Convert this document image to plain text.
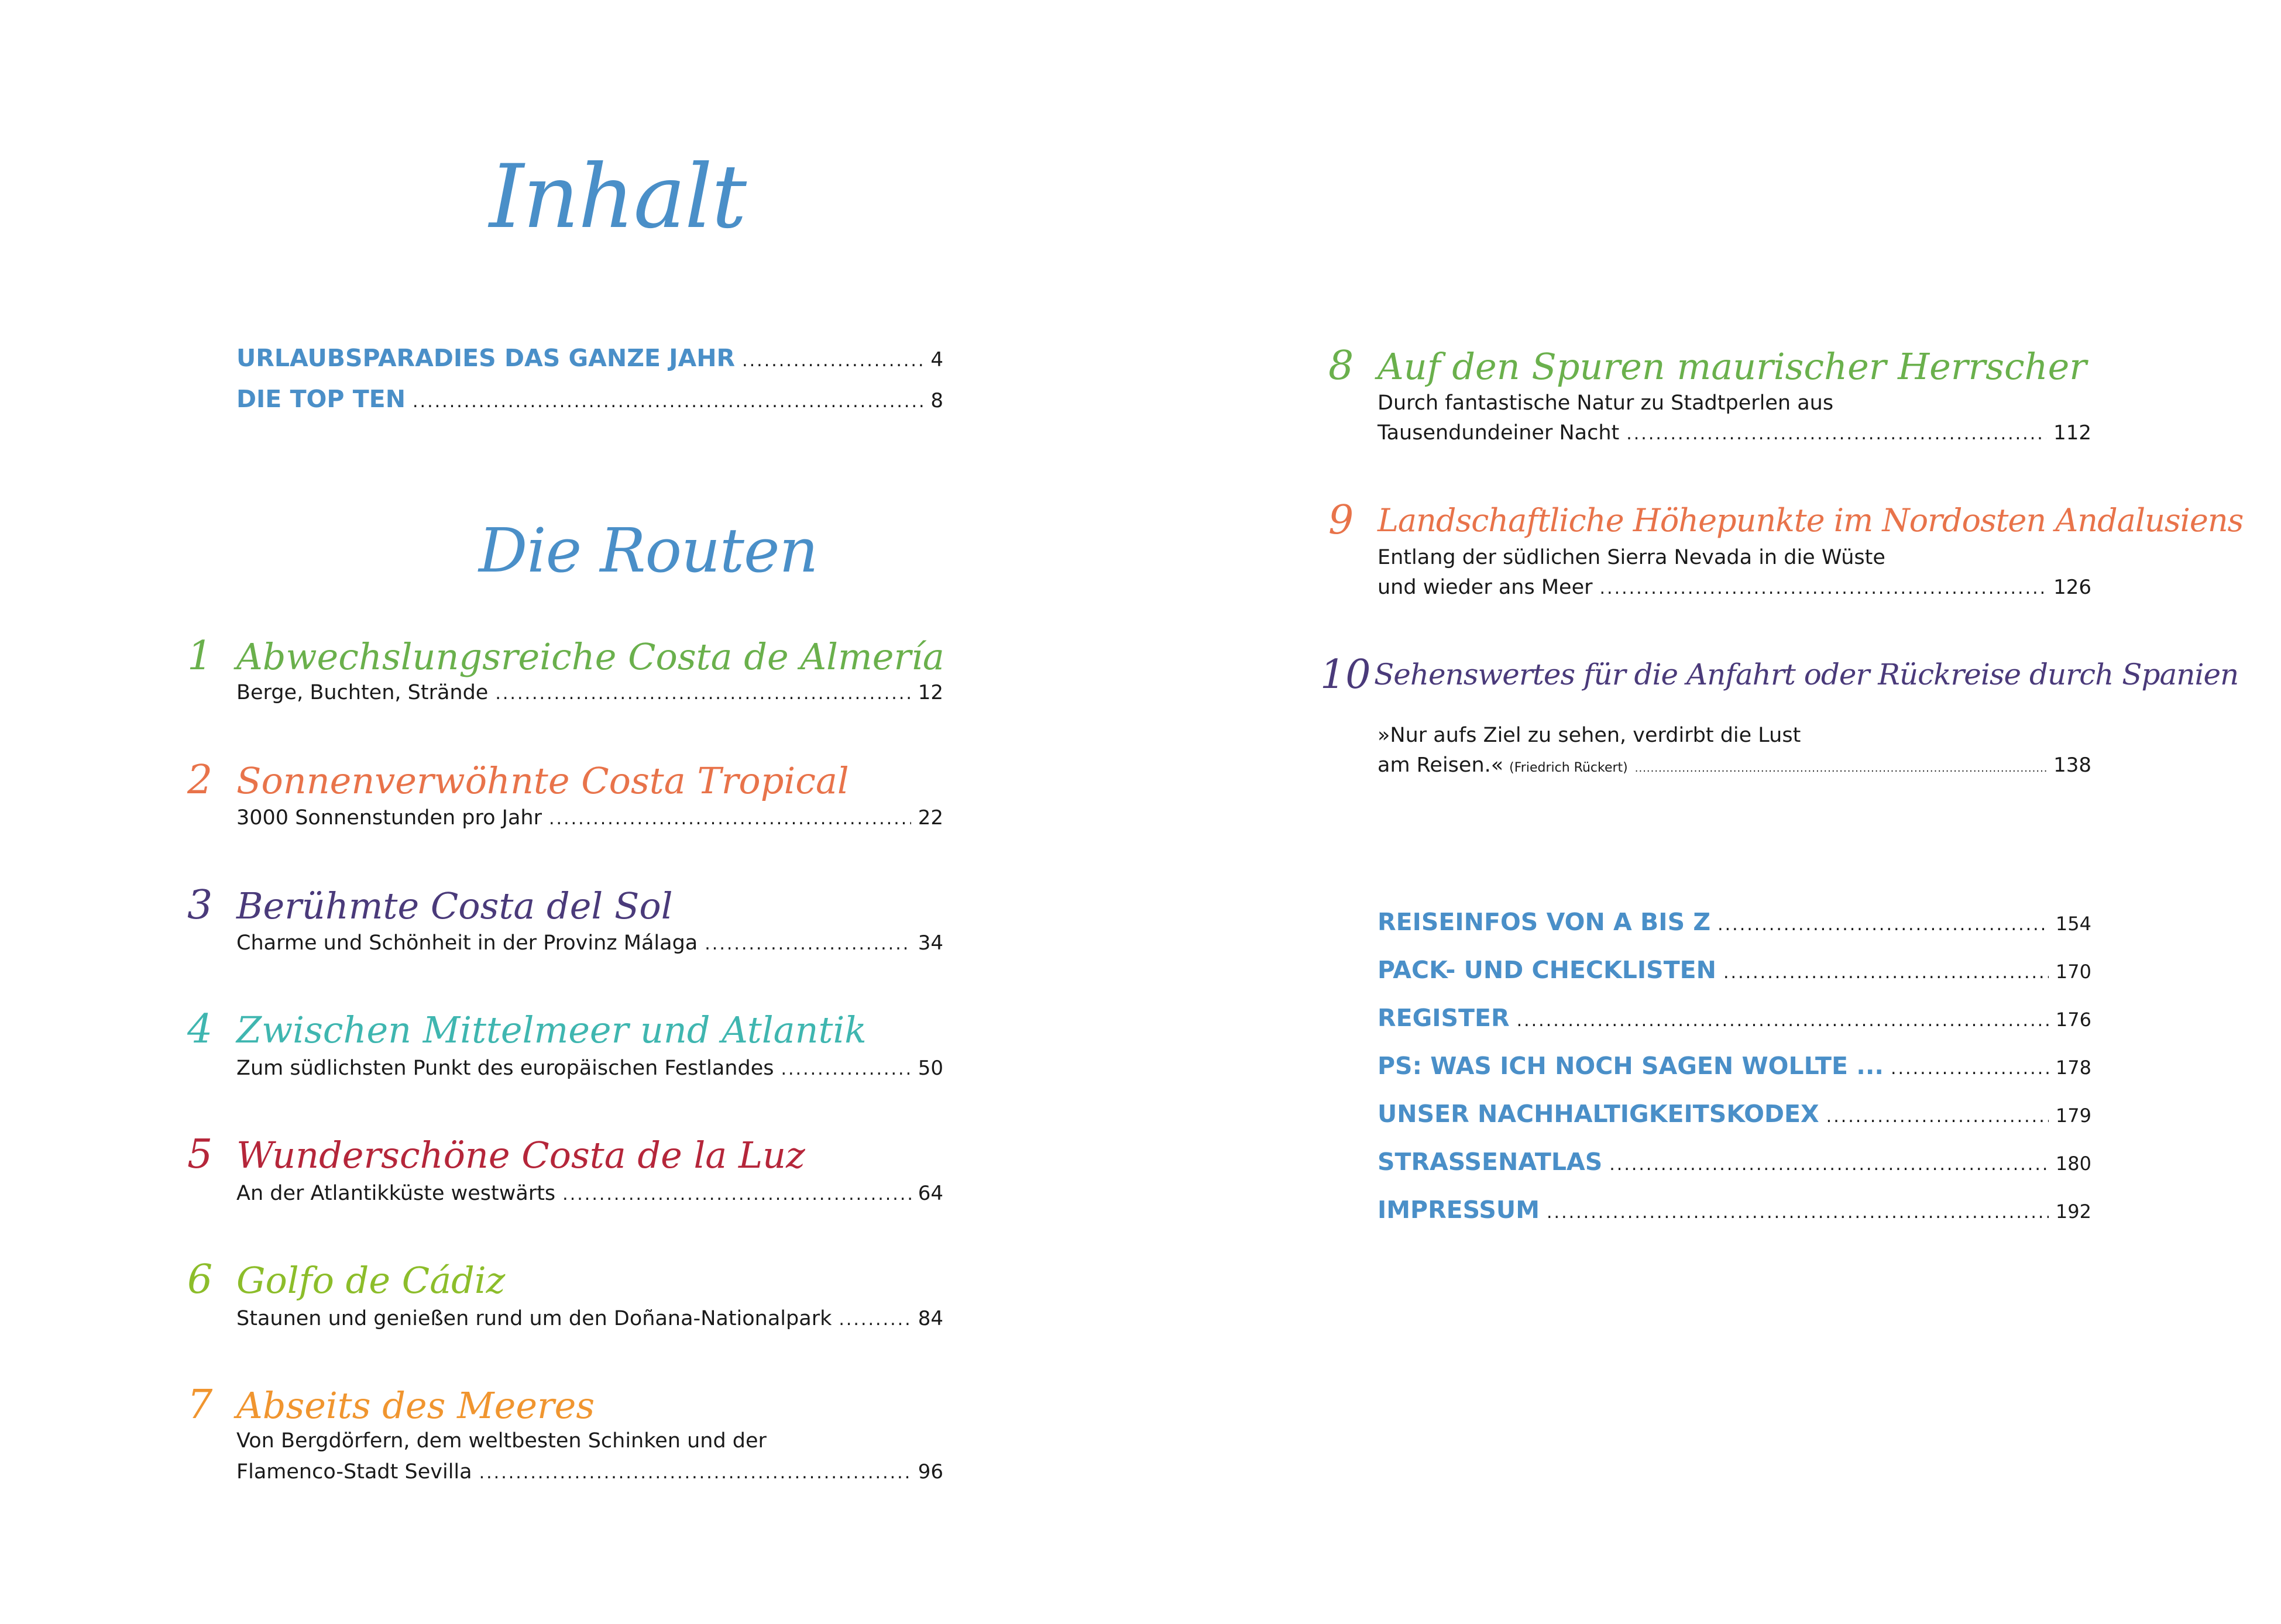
Inhalt
URLAUBSPARADIES DAS GANZE JAHR .....	4
DIE TOP TEN .....	8
Die Routen
1 Abwechslungsreiche Costa de Almería
Berge, Buchten, Strände .....	12
2 Sonnenverwöhnte Costa Tropical
3000 Sonnenstunden pro Jahr .....	22
3 Berühmte Costa del Sol
Charme und Schönheit in der Provinz Málaga .....	34
4 Zwischen Mittelmeer und Atlantik
Zum südlichsten Punkt des europäischen Festlandes .....	50
5 Wunderschöne Costa de la Luz
An der Atlantikküste westwärts .....	64
6 Golfo de Cádiz
Staunen und genießen rund um den Doñana-Nationalpark .....	84
7 Abseits des Meeres
Von Bergdörfern, dem weltbesten Schinken und der
Flamenco-Stadt Sevilla .....	96
8 Auf den Spuren maurischer Herrscher
Durch fantastische Natur zu Stadtperlen aus
Tausendundeiner Nacht .....	112
9 Landschaftliche Höhepunkte im Nordosten Andalusiens
Entlang der südlichen Sierra Nevada in die Wüste
und wieder ans Meer .....	126
10 Sehenswertes für die Anfahrt oder Rückreise durch Spanien
»Nur aufs Ziel zu sehen, verdirbt die Lust
am Reisen.« (Friedrich Rückert) .....	138
REISEINFOS VON A BIS Z .....	154
PACK- UND CHECKLISTEN .....	170
REGISTER .....	176
PS: WAS ICH NOCH SAGEN WOLLTE ... .....	178
UNSER NACHHALTIGKEITSKODEX .....	179
STRASSENATLAS .....	180
IMPRESSUM .....	192
